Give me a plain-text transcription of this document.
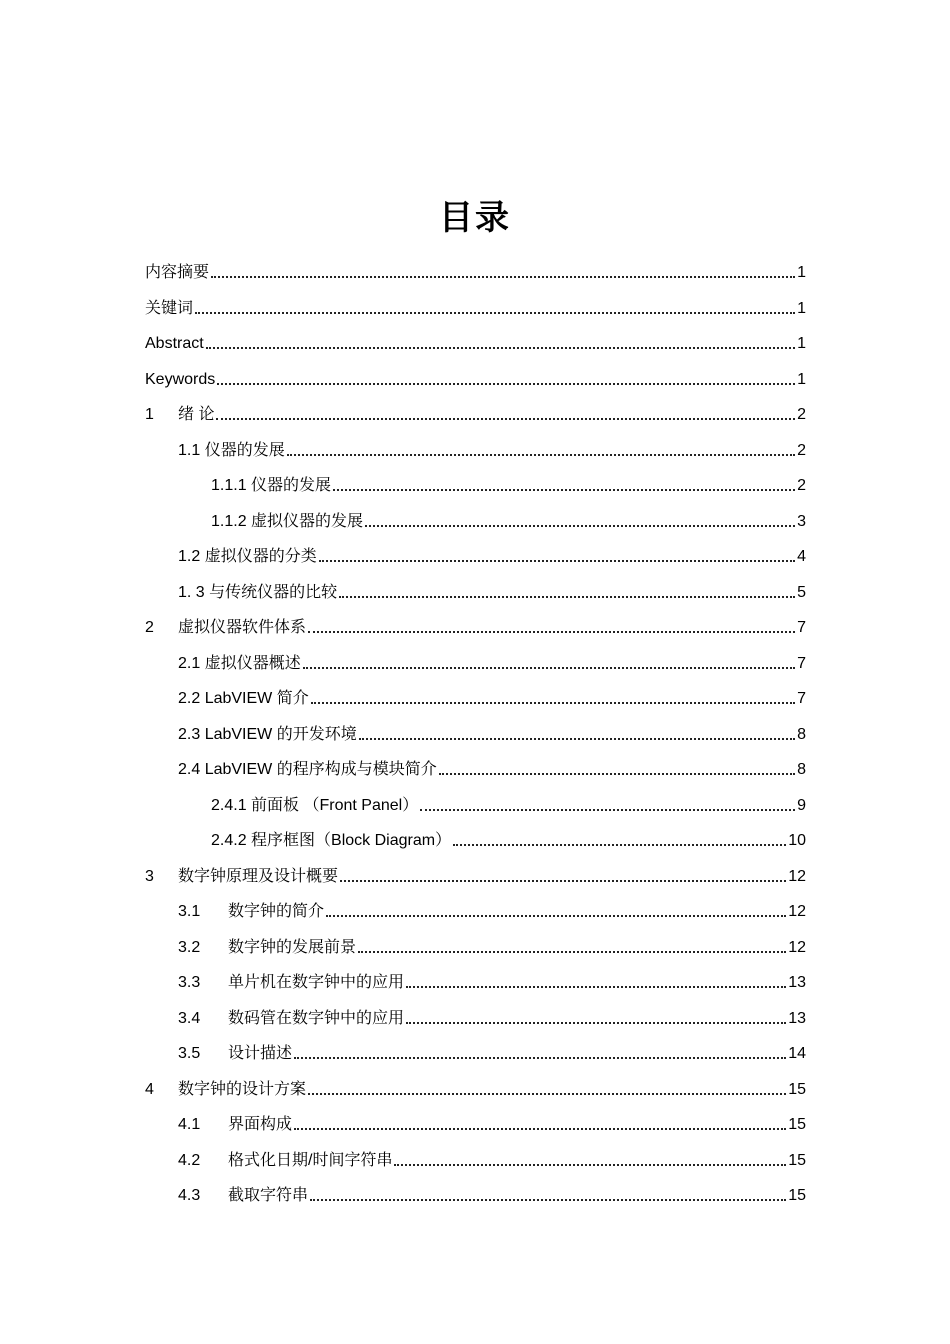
目录
内容摘要	1
关键词	1
Abstract	1
Keywords	1
1	绪 论	2
1.1 仪器的发展	2
1.1.1 仪器的发展	2
1.1.2 虚拟仪器的发展	3
1.2 虚拟仪器的分类	4
1. 3 与传统仪器的比较	5
2	虚拟仪器软件体系	7
2.1 虚拟仪器概述	7
2.2 LabVIEW 简介	7
2.3 LabVIEW 的开发环境	8
2.4 LabVIEW 的程序构成与模块简介	8
2.4.1 前面板 （Front Panel）	9
2.4.2 程序框图（Block Diagram）	10
3	数字钟原理及设计概要	12
3.1	数字钟的简介	12
3.2	数字钟的发展前景	12
3.3	单片机在数字钟中的应用	13
3.4	数码管在数字钟中的应用	13
3.5	设计描述	14
4	数字钟的设计方案	15
4.1	界面构成	15
4.2	格式化日期/时间字符串	15
4.3	截取字符串	15
